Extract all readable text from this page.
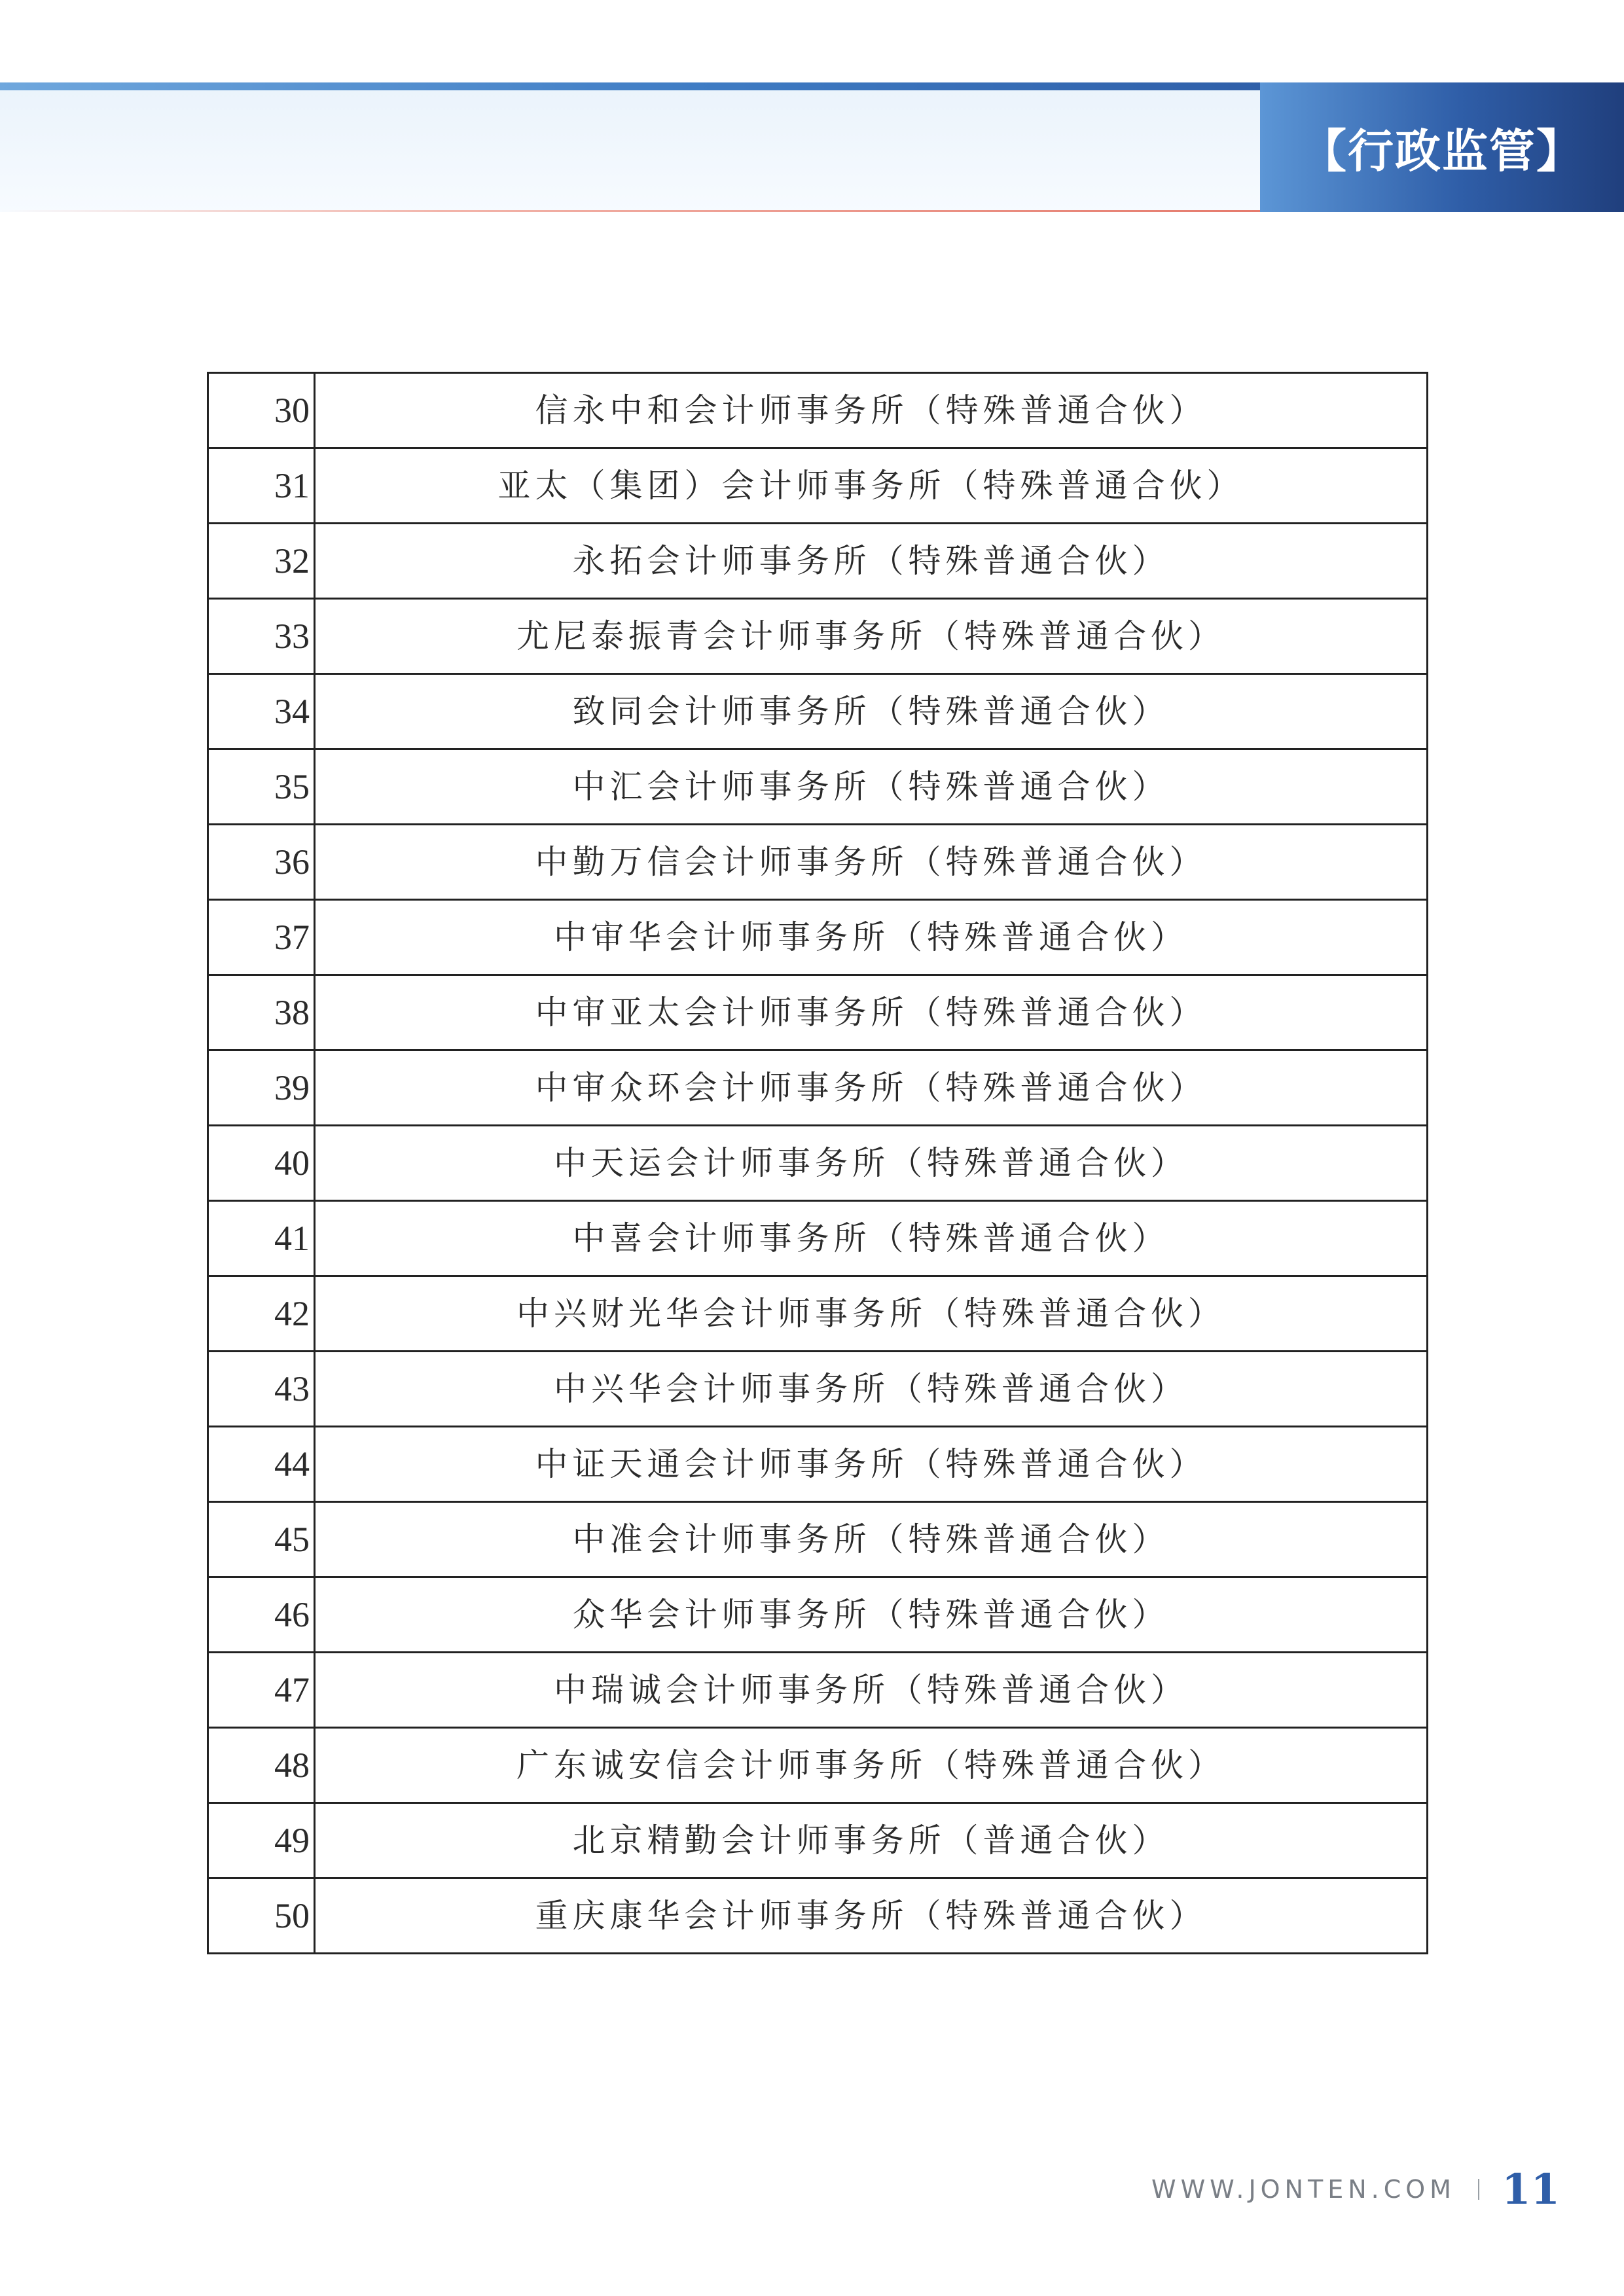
【行政监管】
30	信永中和会计师事务所（特殊普通合伙）
31	亚太（集团）会计师事务所（特殊普通合伙）
32	永拓会计师事务所（特殊普通合伙）
33	尤尼泰振青会计师事务所（特殊普通合伙）
34	致同会计师事务所（特殊普通合伙）
35	中汇会计师事务所（特殊普通合伙）
36	中勤万信会计师事务所（特殊普通合伙）
37	中审华会计师事务所（特殊普通合伙）
38	中审亚太会计师事务所（特殊普通合伙）
39	中审众环会计师事务所（特殊普通合伙）
40	中天运会计师事务所（特殊普通合伙）
41	中喜会计师事务所（特殊普通合伙）
42	中兴财光华会计师事务所（特殊普通合伙）
43	中兴华会计师事务所（特殊普通合伙）
44	中证天通会计师事务所（特殊普通合伙）
45	中准会计师事务所（特殊普通合伙）
46	众华会计师事务所（特殊普通合伙）
47	中瑞诚会计师事务所（特殊普通合伙）
48	广东诚安信会计师事务所（特殊普通合伙）
49	北京精勤会计师事务所（普通合伙）
50	重庆康华会计师事务所（特殊普通合伙）
WWW.JONTEN.COM 11
